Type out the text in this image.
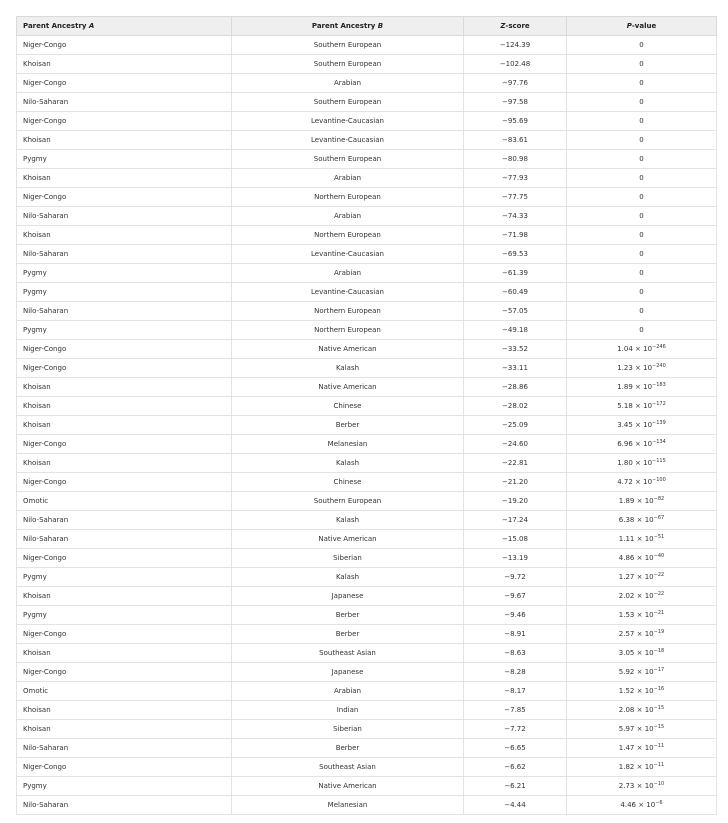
Parent Ancestry A	Parent Ancestry B	Z-score	P-value
Niger-Congo	Southern European	−124.39	0
Khoisan	Southern European	−102.48	0
Niger-Congo	Arabian	−97.76	0
Nilo-Saharan	Southern European	−97.58	0
Niger-Congo	Levantine-Caucasian	−95.69	0
Khoisan	Levantine-Caucasian	−83.61	0
Pygmy	Southern European	−80.98	0
Khoisan	Arabian	−77.93	0
Niger-Congo	Northern European	−77.75	0
Nilo-Saharan	Arabian	−74.33	0
Khoisan	Northern European	−71.98	0
Nilo-Saharan	Levantine-Caucasian	−69.53	0
Pygmy	Arabian	−61.39	0
Pygmy	Levantine-Caucasian	−60.49	0
Nilo-Saharan	Northern European	−57.05	0
Pygmy	Northern European	−49.18	0
Niger-Congo	Native American	−33.52	$1.04 \times 10^{-246}$
Niger-Congo	Kalash	−33.11	$1.23 \times 10^{-240}$
Khoisan	Native American	−28.86	$1.89 \times 10^{-183}$
Khoisan	Chinese	−28.02	$5.18 \times 10^{-172}$
Khoisan	Berber	−25.09	$3.45 \times 10^{-139}$
Niger-Congo	Melanesian	−24.60	$6.96 \times 10^{-134}$
Khoisan	Kalash	−22.81	$1.80 \times 10^{-115}$
Niger-Congo	Chinese	−21.20	$4.72 \times 10^{-100}$
Omotic	Southern European	−19.20	$1.89 \times 10^{-82}$
Nilo-Saharan	Kalash	−17.24	$6.38 \times 10^{-67}$
Nilo-Saharan	Native American	−15.08	$1.11 \times 10^{-51}$
Niger-Congo	Siberian	−13.19	$4.86 \times 10^{-40}$
Pygmy	Kalash	−9.72	$1.27 \times 10^{-22}$
Khoisan	Japanese	−9.67	$2.02 \times 10^{-22}$
Pygmy	Berber	−9.46	$1.53 \times 10^{-21}$
Niger-Congo	Berber	−8.91	$2.57 \times 10^{-19}$
Khoisan	Southeast Asian	−8.63	$3.05 \times 10^{-18}$
Niger-Congo	Japanese	−8.28	$5.92 \times 10^{-17}$
Omotic	Arabian	−8.17	$1.52 \times 10^{-16}$
Khoisan	Indian	−7.85	$2.08 \times 10^{-15}$
Khoisan	Siberian	−7.72	$5.97 \times 10^{-15}$
Nilo-Saharan	Berber	−6.65	$1.47 \times 10^{-11}$
Niger-Congo	Southeast Asian	−6.62	$1.82 \times 10^{-11}$
Pygmy	Native American	−6.21	$2.73 \times 10^{-10}$
Nilo-Saharan	Melanesian	−4.44	$4.46 \times 10^{-6}$
